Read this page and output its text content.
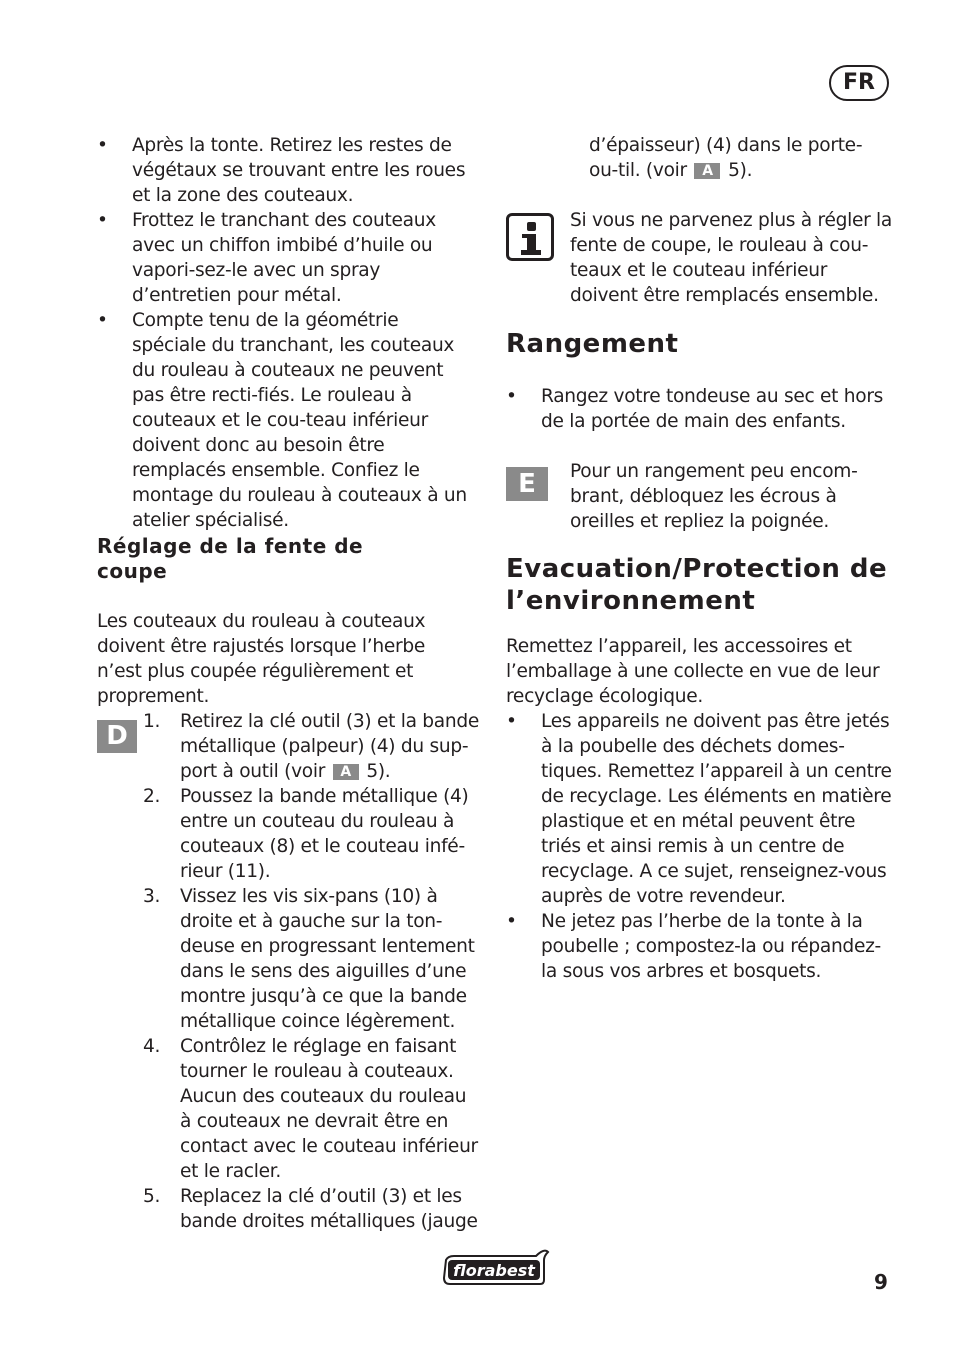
FR
• Après la tonte. Retirez les restes de végétaux se trouvant entre les roues et la zone des couteaux.
• Frottez le tranchant des couteaux avec un chiffon imbibé d’huile ou vapori-sez-le avec un spray d’entretien pour métal.
• Compte tenu de la géométrie spéciale du tranchant, les couteaux du rouleau à couteaux ne peuvent pas être recti-fiés. Le rouleau à couteaux et le cou-teau inférieur doivent donc au besoin être remplacés ensemble. Confiez le montage du rouleau à couteaux à un atelier spécialisé.
Réglage de la fente de coupe
Les couteaux du rouleau à couteaux doivent être rajustés lorsque l’herbe n’est plus coupée régulièrement et proprement.
D 1. Retirez la clé outil (3) et la bande métallique (palpeur) (4) du sup-port à outil (voir A 5).
2. Poussez la bande métallique (4) entre un couteau du rouleau à couteaux (8) et le couteau infé-rieur (11).
3. Vissez les vis six-pans (10) à droite et à gauche sur la ton-deuse en progressant lentement dans le sens des aiguilles d’une montre jusqu’à ce que la bande métallique coince légèrement.
4. Contrôlez le réglage en faisant tourner le rouleau à couteaux. Aucun des couteaux du rouleau à couteaux ne devrait être en contact avec le couteau inférieur et le racler.
5. Replacez la clé d’outil (3) et les bande droites métalliques (jauge
d’épaisseur) (4) dans le porte-ou-til. (voir A 5).
Si vous ne parvenez plus à régler la fente de coupe, le rouleau à cou-teaux et le couteau inférieur doivent être remplacés ensemble.
Rangement
• Rangez votre tondeuse au sec et hors de la portée de main des enfants.
E	Pour un rangement peu encom-brant, débloquez les écrous à oreilles et repliez la poignée.
Evacuation/Protection de l’environnement
Remettez l’appareil, les accessoires et l’emballage à une collecte en vue de leur recyclage écologique.
• Les appareils ne doivent pas être jetés à la poubelle des déchets domes-tiques. Remettez l’appareil à un centre de recyclage. Les éléments en matière plastique et en métal peuvent être triés et ainsi remis à un centre de recyclage. A ce sujet, renseignez-vous auprès de votre revendeur.
• Ne jetez pas l’herbe de la tonte à la poubelle ; compostez-la ou répandez-la sous vos arbres et bosquets.
florabest	9
